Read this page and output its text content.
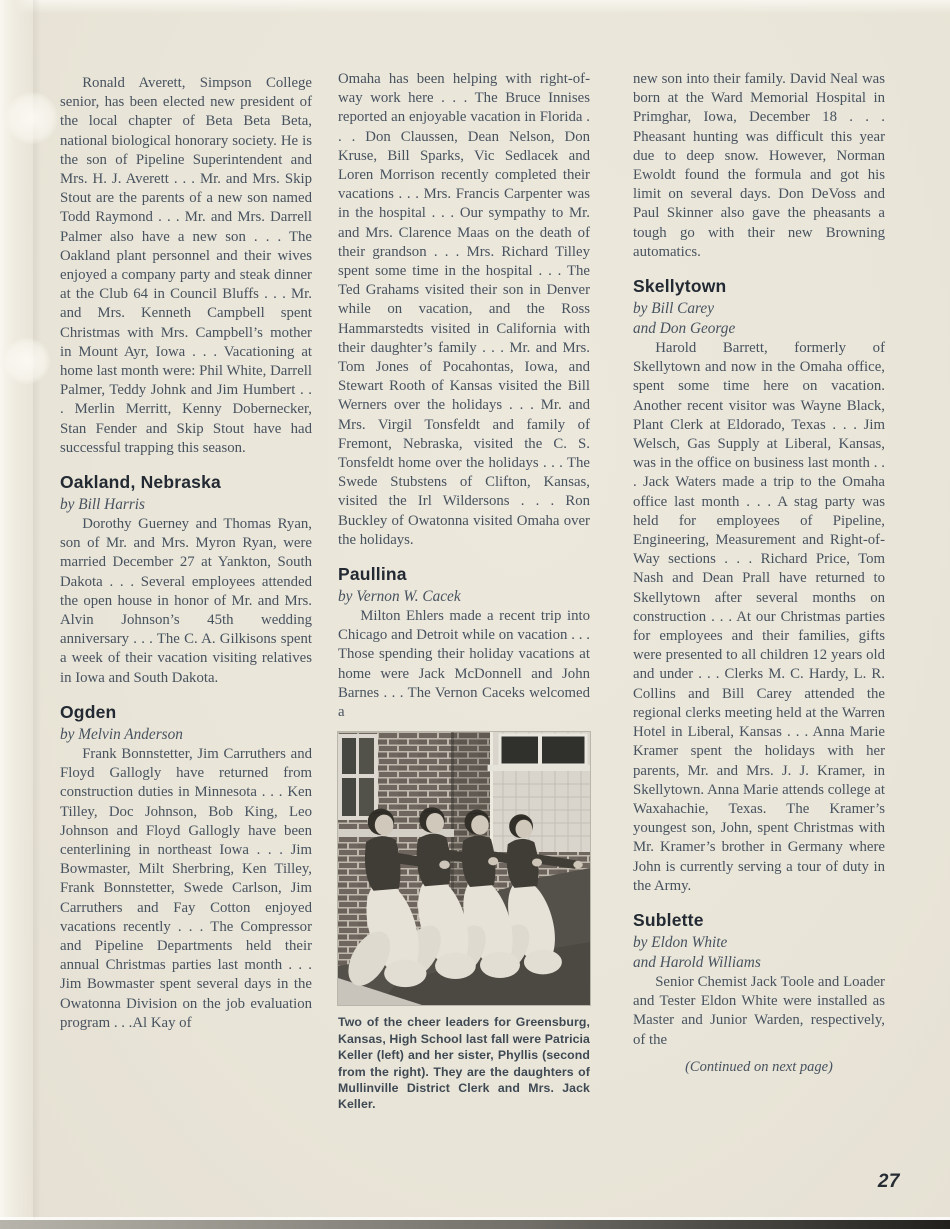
Ronald Averett, Simpson College senior, has been elected new president of the local chapter of Beta Beta Beta, national biological honorary society. He is the son of Pipeline Superintendent and Mrs. H. J. Averett . . . Mr. and Mrs. Skip Stout are the parents of a new son named Todd Raymond . . . Mr. and Mrs. Darrell Palmer also have a new son . . . The Oakland plant personnel and their wives enjoyed a company party and steak dinner at the Club 64 in Council Bluffs . . . Mr. and Mrs. Kenneth Campbell spent Christmas with Mrs. Campbell’s mother in Mount Ayr, Iowa . . . Vacationing at home last month were: Phil White, Darrell Palmer, Teddy Johnk and Jim Humbert . . . Merlin Merritt, Kenny Dobernecker, Stan Fender and Skip Stout have had successful trapping this season.

Oakland, Nebraska
by Bill Harris

Dorothy Guerney and Thomas Ryan, son of Mr. and Mrs. Myron Ryan, were married December 27 at Yankton, South Dakota . . . Several employees attended the open house in honor of Mr. and Mrs. Alvin Johnson’s 45th wedding anniversary . . . The C. A. Gilkisons spent a week of their vacation visiting relatives in Iowa and South Dakota.

Ogden
by Melvin Anderson

Frank Bonnstetter, Jim Carruthers and Floyd Gallogly have returned from construction duties in Minnesota . . . Ken Tilley, Doc Johnson, Bob King, Leo Johnson and Floyd Gallogly have been centerlining in northeast Iowa . . . Jim Bowmaster, Milt Sherbring, Ken Tilley, Frank Bonnstetter, Swede Carlson, Jim Carruthers and Fay Cotton enjoyed vacations recently . . . The Compressor and Pipeline Departments held their annual Christmas parties last month . . . Jim Bowmaster spent several days in the Owatonna Division on the job evaluation program . . .Al Kay of

Omaha has been helping with right-of-way work here . . . The Bruce Innises reported an enjoyable vacation in Florida . . . Don Claussen, Dean Nelson, Don Kruse, Bill Sparks, Vic Sedlacek and Loren Morrison recently completed their vacations . . . Mrs. Francis Carpenter was in the hospital . . . Our sympathy to Mr. and Mrs. Clarence Maas on the death of their grandson . . . Mrs. Richard Tilley spent some time in the hospital . . . The Ted Grahams visited their son in Denver while on vacation, and the Ross Hammarstedts visited in California with their daughter’s family . . . Mr. and Mrs. Tom Jones of Pocahontas, Iowa, and Stewart Rooth of Kansas visited the Bill Werners over the holidays . . . Mr. and Mrs. Virgil Tonsfeldt and family of Fremont, Nebraska, visited the C. S. Tonsfeldt home over the holidays . . . The Swede Stubstens of Clifton, Kansas, visited the Irl Wildersons . . . Ron Buckley of Owatonna visited Omaha over the holidays.

Paullina
by Vernon W. Cacek

Milton Ehlers made a recent trip into Chicago and Detroit while on vacation . . . Those spending their holiday vacations at home were Jack McDonnell and John Barnes . . . The Vernon Caceks welcomed a

Two of the cheer leaders for Greensburg, Kansas, High School last fall were Patricia Keller (left) and her sister, Phyllis (second from the right). They are the daughters of Mullinville District Clerk and Mrs. Jack Keller.

new son into their family. David Neal was born at the Ward Memorial Hospital in Primghar, Iowa, December 18 . . . Pheasant hunting was difficult this year due to deep snow. However, Norman Ewoldt found the formula and got his limit on several days. Don DeVoss and Paul Skinner also gave the pheasants a tough go with their new Browning automatics.

Skellytown
by Bill Carey
and Don George

Harold Barrett, formerly of Skellytown and now in the Omaha office, spent some time here on vacation. Another recent visitor was Wayne Black, Plant Clerk at Eldorado, Texas . . . Jim Welsch, Gas Supply at Liberal, Kansas, was in the office on business last month . . . Jack Waters made a trip to the Omaha office last month . . . A stag party was held for employees of Pipeline, Engineering, Measurement and Right-of-Way sections . . . Richard Price, Tom Nash and Dean Prall have returned to Skellytown after several months on construction . . . At our Christmas parties for employees and their families, gifts were presented to all children 12 years old and under . . . Clerks M. C. Hardy, L. R. Collins and Bill Carey attended the regional clerks meeting held at the Warren Hotel in Liberal, Kansas . . . Anna Marie Kramer spent the holidays with her parents, Mr. and Mrs. J. J. Kramer, in Skellytown. Anna Marie attends college at Waxahachie, Texas. The Kramer’s youngest son, John, spent Christmas with Mr. Kramer’s brother in Germany where John is currently serving a tour of duty in the Army.

Sublette
by Eldon White
and Harold Williams

Senior Chemist Jack Toole and Loader and Tester Eldon White were installed as Master and Junior Warden, respectively, of the

(Continued on next page)
27
